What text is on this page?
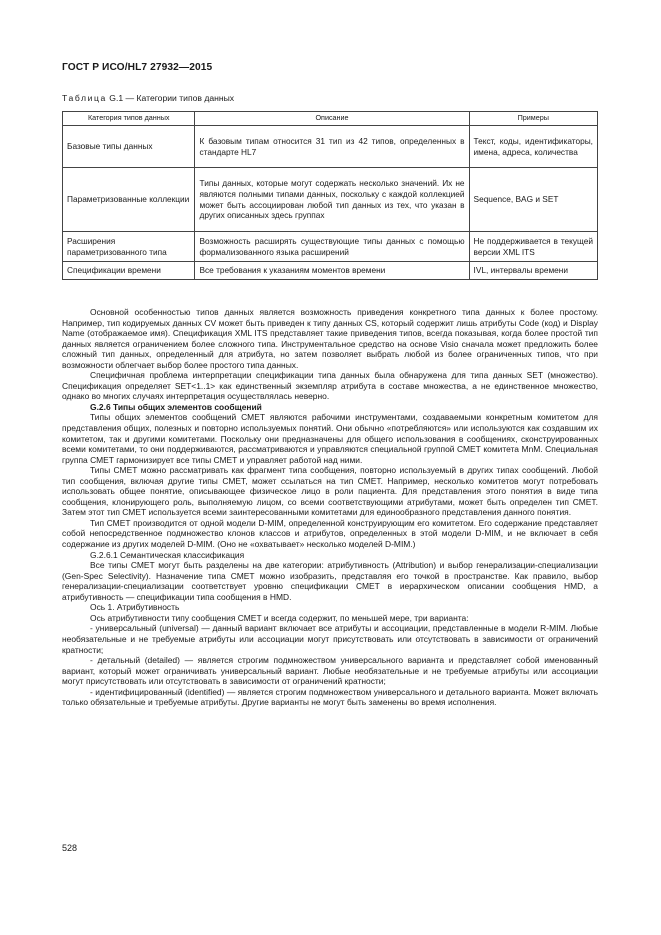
ГОСТ Р ИСО/HL7 27932—2015
Таблица G.1 — Категории типов данных
Категория типов данных	Описание	Примеры
Базовые типы данных	К базовым типам относится 31 тип из 42 типов, определенных в стандарте HL7	Текст, коды, идентификаторы, имена, адреса, количества
Параметризованные коллекции	Типы данных, которые могут содержать несколько значений. Их не являются полными типами данных, поскольку с каждой коллекцией может быть ассоциирован любой тип данных из тех, что указан в других описанных здесь группах	Sequence, BAG и SET
Расширения параметризованного типа	Возможность расширять существующие типы данных с помощью формализованного языка расширений	Не поддерживается в текущей версии XML ITS
Спецификации времени	Все требования к указаниям моментов времени	IVL, интервалы времени

Основной особенностью типов данных является возможность приведения конкретного типа данных к более простому. Например, тип кодируемых данных CV может быть приведен к типу данных CS, который содержит лишь атрибуты Code (код) и Display Name (отображаемое имя). Спецификация XML ITS представляет такие приведения типов, всегда показывая, когда более простой тип данных является ограничением более сложного типа. Инструментальное средство на основе Visio сначала может предложить более сложный тип данных, определенный для атрибута, но затем позволяет выбрать любой из более ограниченных типов, что при возможности облегчает выбор более простого типа данных.

Специфичная проблема интерпретации спецификации типа данных была обнаружена для типа данных SET (множество). Спецификация определяет SET<1..1> как единственный экземпляр атрибута в составе множества, а не единственное множество, однако во многих случаях интерпретация осуществлялась неверно.

G.2.6 Типы общих элементов сообщений

Типы общих элементов сообщений СМЕТ являются рабочими инструментами, создаваемыми конкретным комитетом для представления общих, полезных и повторно используемых понятий. Они обычно «потребляются» или используются как создавшим их комитетом, так и другими комитетами. Поскольку они предназначены для общего использования в сообщениях, сконструированных всеми комитетами, то они поддерживаются, рассматриваются и управляются специальной группой СМЕТ комитета MnM. Специальная группа СМЕТ гармонизирует все типы СМЕТ и управляет работой над ними.

Типы СМЕТ можно рассматривать как фрагмент типа сообщения, повторно используемый в других типах сообщений. Любой тип сообщения, включая другие типы СМЕТ, может ссылаться на тип СМЕТ. Например, несколько комитетов могут потребовать использовать общее понятие, описывающее физическое лицо в роли пациента. Для представления этого понятия в виде типа сообщения, клонирующего роль, выполняемую лицом, со всеми соответствующими атрибутами, может быть определен тип СМЕТ. Затем этот тип СМЕТ используется всеми заинтересованными комитетами для единообразного представления данного понятия.

Тип СМЕТ производится от одной модели D-MIM, определенной конструирующим его комитетом. Его содержание представляет собой непосредственное подмножество клонов классов и атрибутов, определенных в этой модели D-MIM, и не включает в себя содержание из других моделей D-MIM. (Оно не «охватывает» несколько моделей D-MIM.)

G.2.6.1 Семантическая классификация

Все типы СМЕТ могут быть разделены на две категории: атрибутивность (Attribution) и выбор генерализации-специализации (Gen-Spec Selectivity). Назначение типа СМЕТ можно изобразить, представляя его точкой в пространстве. Как правило, выбор генерализации-специализации соответствует уровню спецификации СМЕТ в иерархическом описании сообщения HMD, а атрибутивность — спецификации типа сообщения в HMD.

Ось 1. Атрибутивность

Ось атрибутивности типу сообщения СМЕТ и всегда содержит, по меньшей мере, три варианта:

- универсальный (universal) — данный вариант включает все атрибуты и ассоциации, представленные в модели R-MIM. Любые необязательные и не требуемые атрибуты или ассоциации могут присутствовать или отсутствовать в зависимости от ограничений кратности;

- детальный (detailed) — является строгим подмножеством универсального варианта и представляет собой именованный вариант, который может ограничивать универсальный вариант. Любые необязательные и не требуемые атрибуты или ассоциации могут присутствовать или отсутствовать в зависимости от ограничений кратности;

- идентифицированный (identified) — является строгим подмножеством универсального и детального варианта. Может включать только обязательные и требуемые атрибуты. Другие варианты не могут быть заменены во время исполнения.

528
